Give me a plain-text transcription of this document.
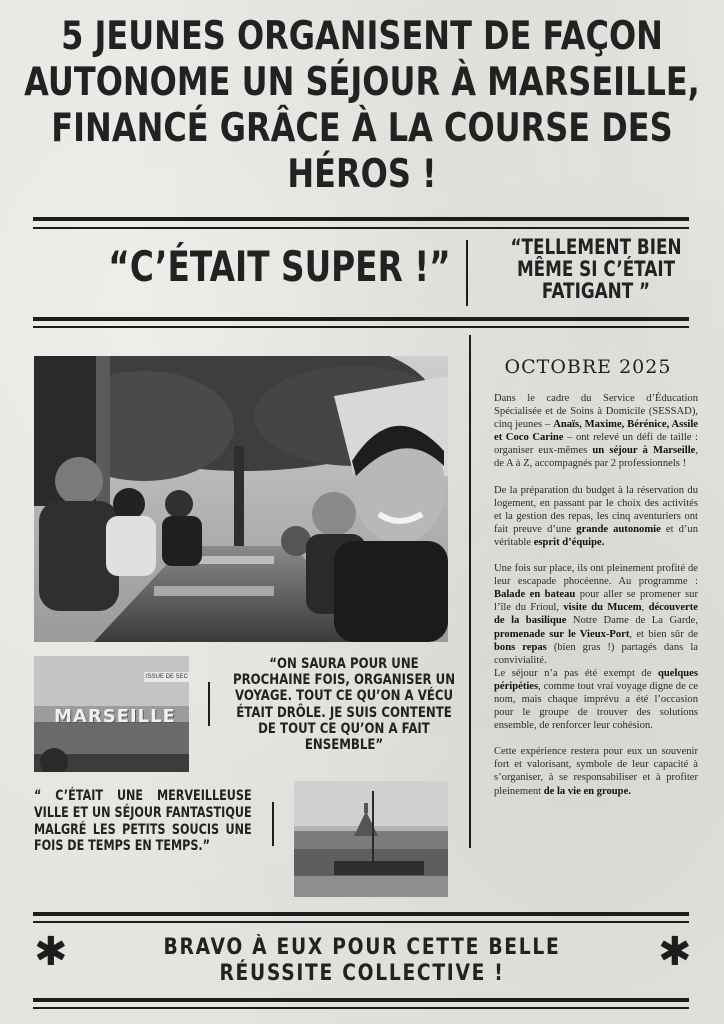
5 JEUNES ORGANISENT DE FAÇON AUTONOME UN SÉJOUR À MARSEILLE, FINANCÉ GRÂCE À LA COURSE DES HÉROS !
“C’ÉTAIT SUPER !”	“TELLEMENT BIEN MÊME SI C’ÉTAIT FATIGANT ”
OCTOBRE 2025

Dans le cadre du Service d’Éducation Spécialisée et de Soins à Domicile (SESSAD), cinq jeunes – Anaïs, Maxime, Bérénice, Assile et Coco Carine – ont relevé un défi de taille : organiser eux-mêmes un séjour à Marseille, de A à Z, accompagnés par 2 professionnels !

De la préparation du budget à la réservation du logement, en passant par le choix des activités et la gestion des repas, les cinq aventuriers ont fait preuve d’une grande autonomie et d’un véritable esprit d’équipe.

Une fois sur place, ils ont pleinement profité de leur escapade phocéenne. Au programme : Balade en bateau pour aller se promener sur l’île du Frioul, visite du Mucem, découverte de la basilique Notre Dame de La Garde, promenade sur le Vieux-Port, et bien sûr de bons repas (bien gras !) partagés dans la convivialité.
Le séjour n’a pas été exempt de quelques péripéties, comme tout vrai voyage digne de ce nom, mais chaque imprévu a été l’occasion pour le groupe de trouver des solutions ensemble, de renforcer leur cohésion.

Cette expérience restera pour eux un souvenir fort et valorisant, symbole de leur capacité à s’organiser, à se responsabiliser et à profiter pleinement de la vie en groupe.

ISSUE DE SEC
MARSEILLE
“ON SAURA POUR UNE PROCHAINE FOIS, ORGANISER UN VOYAGE. TOUT CE QU’ON A VÉCU ÉTAIT DRÔLE. JE SUIS CONTENTE DE TOUT CE QU’ON A FAIT ENSEMBLE”
“ C’ÉTAIT UNE MERVEILLEUSE VILLE ET UN SÉJOUR FANTASTIQUE MALGRÉ LES PETITS SOUCIS UNE FOIS DE TEMPS EN TEMPS.”
✱	BRAVO À EUX POUR CETTE BELLE RÉUSSITE COLLECTIVE !	✱
